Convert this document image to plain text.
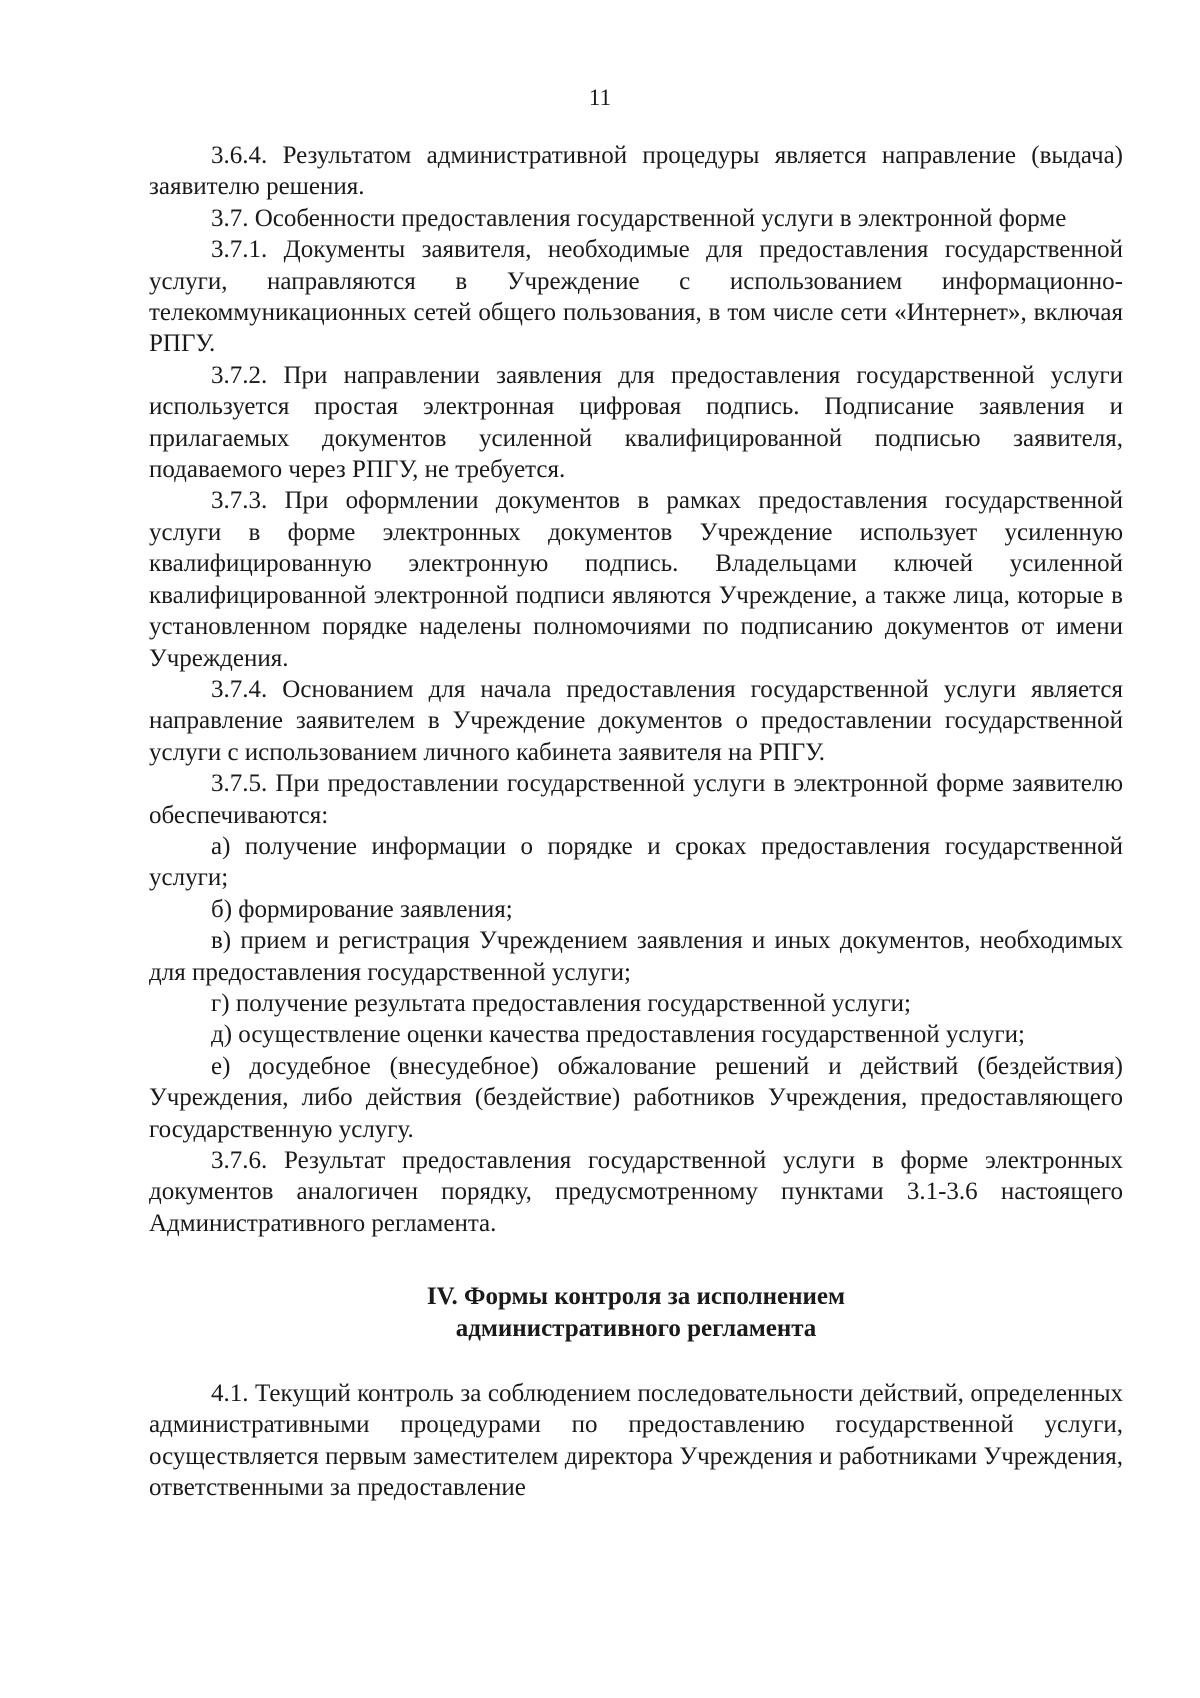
11

3.6.4. Результатом административной процедуры является направление (выдача) заявителю решения.

3.7. Особенности предоставления государственной услуги в электронной форме

3.7.1. Документы заявителя, необходимые для предоставления государственной услуги, направляются в Учреждение с использованием информационно-телекоммуникационных сетей общего пользования, в том числе сети «Интернет», включая РПГУ.

3.7.2. При направлении заявления для предоставления государственной услуги используется простая электронная цифровая подпись. Подписание заявления и прилагаемых документов усиленной квалифицированной подписью заявителя, подаваемого через РПГУ, не требуется.

3.7.3. При оформлении документов в рамках предоставления государственной услуги в форме электронных документов Учреждение использует усиленную квалифицированную электронную подпись. Владельцами ключей усиленной квалифицированной электронной подписи являются Учреждение, а также лица, которые в установленном порядке наделены полномочиями по подписанию документов от имени Учреждения.

3.7.4. Основанием для начала предоставления государственной услуги является направление заявителем в Учреждение документов о предоставлении государственной услуги с использованием личного кабинета заявителя на РПГУ.

3.7.5. При предоставлении государственной услуги в электронной форме заявителю обеспечиваются:

а) получение информации о порядке и сроках предоставления государственной услуги;

б) формирование заявления;

в) прием и регистрация Учреждением заявления и иных документов, необходимых для предоставления государственной услуги;

г) получение результата предоставления государственной услуги;

д) осуществление оценки качества предоставления государственной услуги;

е) досудебное (внесудебное) обжалование решений и действий (бездействия) Учреждения, либо действия (бездействие) работников Учреждения, предоставляющего государственную услугу.

3.7.6. Результат предоставления государственной услуги в форме электронных документов аналогичен порядку, предусмотренному пунктами 3.1-3.6 настоящего Административного регламента.

IV. Формы контроля за исполнением
административного регламента

4.1. Текущий контроль за соблюдением последовательности действий, определенных административными процедурами по предоставлению государственной услуги, осуществляется первым заместителем директора Учреждения и работниками Учреждения, ответственными за предоставление
